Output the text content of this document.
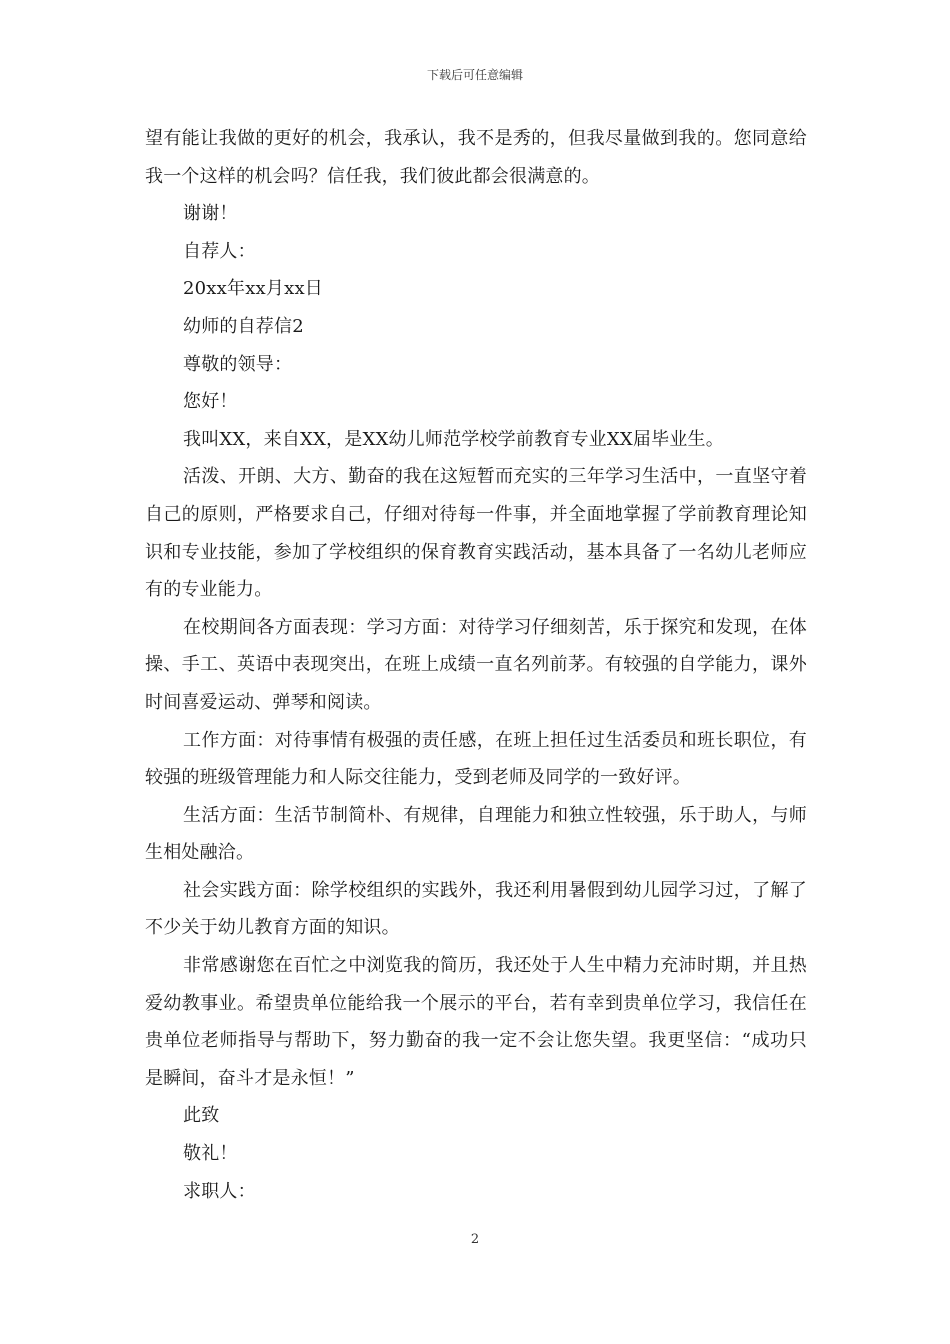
下载后可任意编辑

望有能让我做的更好的机会，我承认，我不是秀的，但我尽量做到我的。您同意给我一个这样的机会吗？信任我，我们彼此都会很满意的。

谢谢！

自荐人：

20xx年xx月xx日

幼师的自荐信2

尊敬的领导：

您好！

我叫XX，来自XX，是XX幼儿师范学校学前教育专业XX届毕业生。

活泼、开朗、大方、勤奋的我在这短暂而充实的三年学习生活中，一直坚守着自己的原则，严格要求自己，仔细对待每一件事，并全面地掌握了学前教育理论知识和专业技能，参加了学校组织的保育教育实践活动，基本具备了一名幼儿老师应有的专业能力。

在校期间各方面表现：学习方面：对待学习仔细刻苦，乐于探究和发现，在体操、手工、英语中表现突出，在班上成绩一直名列前茅。有较强的自学能力，课外时间喜爱运动、弹琴和阅读。

工作方面：对待事情有极强的责任感，在班上担任过生活委员和班长职位，有较强的班级管理能力和人际交往能力，受到老师及同学的一致好评。

生活方面：生活节制简朴、有规律，自理能力和独立性较强，乐于助人，与师生相处融洽。

社会实践方面：除学校组织的实践外，我还利用暑假到幼儿园学习过，了解了不少关于幼儿教育方面的知识。

非常感谢您在百忙之中浏览我的简历，我还处于人生中精力充沛时期，并且热爱幼教事业。希望贵单位能给我一个展示的平台，若有幸到贵单位学习，我信任在贵单位老师指导与帮助下，努力勤奋的我一定不会让您失望。我更坚信：“成功只是瞬间，奋斗才是永恒！”

此致

敬礼！

求职人：

2
